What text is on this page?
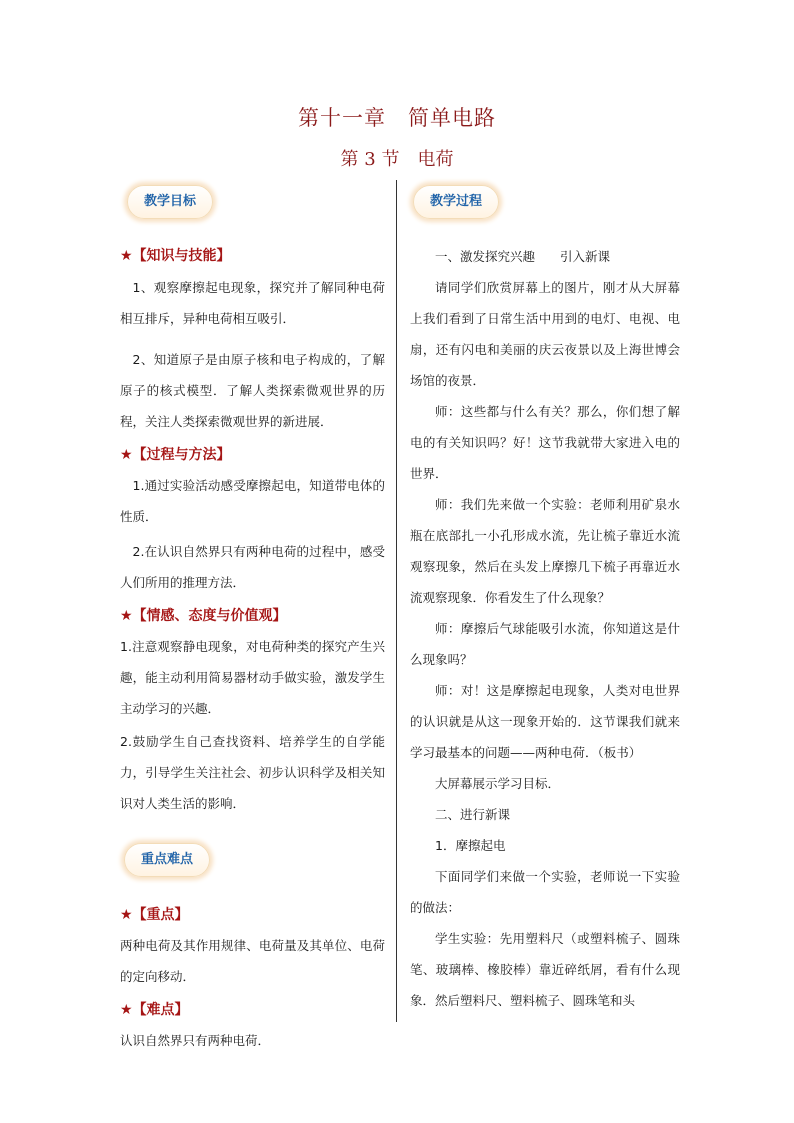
第十一章　简单电路
第 3 节　电荷
教学目标
★【知识与技能】

1、观察摩擦起电现象，探究并了解同种电荷相互排斥，异种电荷相互吸引．

2、知道原子是由原子核和电子构成的，了解原子的核式模型．了解人类探索微观世界的历程，关注人类探索微观世界的新进展．

★【过程与方法】

1.通过实验活动感受摩擦起电，知道带电体的性质．

2.在认识自然界只有两种电荷的过程中，感受人们所用的推理方法．

★【情感、态度与价值观】

1.注意观察静电现象，对电荷种类的探究产生兴趣，能主动利用简易器材动手做实验，激发学生主动学习的兴趣．

2.鼓励学生自己查找资料、培养学生的自学能力，引导学生关注社会、初步认识科学及相关知识对人类生活的影响．

重点难点
★【重点】

两种电荷及其作用规律、电荷量及其单位、电荷的定向移动．

★【难点】

认识自然界只有两种电荷．

教学过程

一、激发探究兴趣　　引入新课

请同学们欣赏屏幕上的图片，刚才从大屏幕上我们看到了日常生活中用到的电灯、电视、电扇，还有闪电和美丽的庆云夜景以及上海世博会场馆的夜景．

师：这些都与什么有关？那么，你们想了解电的有关知识吗？好！这节我就带大家进入电的世界．

师：我们先来做一个实验：老师利用矿泉水瓶在底部扎一小孔形成水流，先让梳子靠近水流观察现象，然后在头发上摩擦几下梳子再靠近水流观察现象．你看发生了什么现象？

师：摩擦后气球能吸引水流，你知道这是什么现象吗？

师：对！这是摩擦起电现象，人类对电世界的认识就是从这一现象开始的．这节课我们就来学习最基本的问题——两种电荷．（板书）

大屏幕展示学习目标．

二、进行新课

1．摩擦起电

下面同学们来做一个实验，老师说一下实验的做法：

学生实验：先用塑料尺（或塑料梳子、圆珠笔、玻璃棒、橡胶棒）靠近碎纸屑，看有什么现象．然后塑料尺、塑料梳子、圆珠笔和头
